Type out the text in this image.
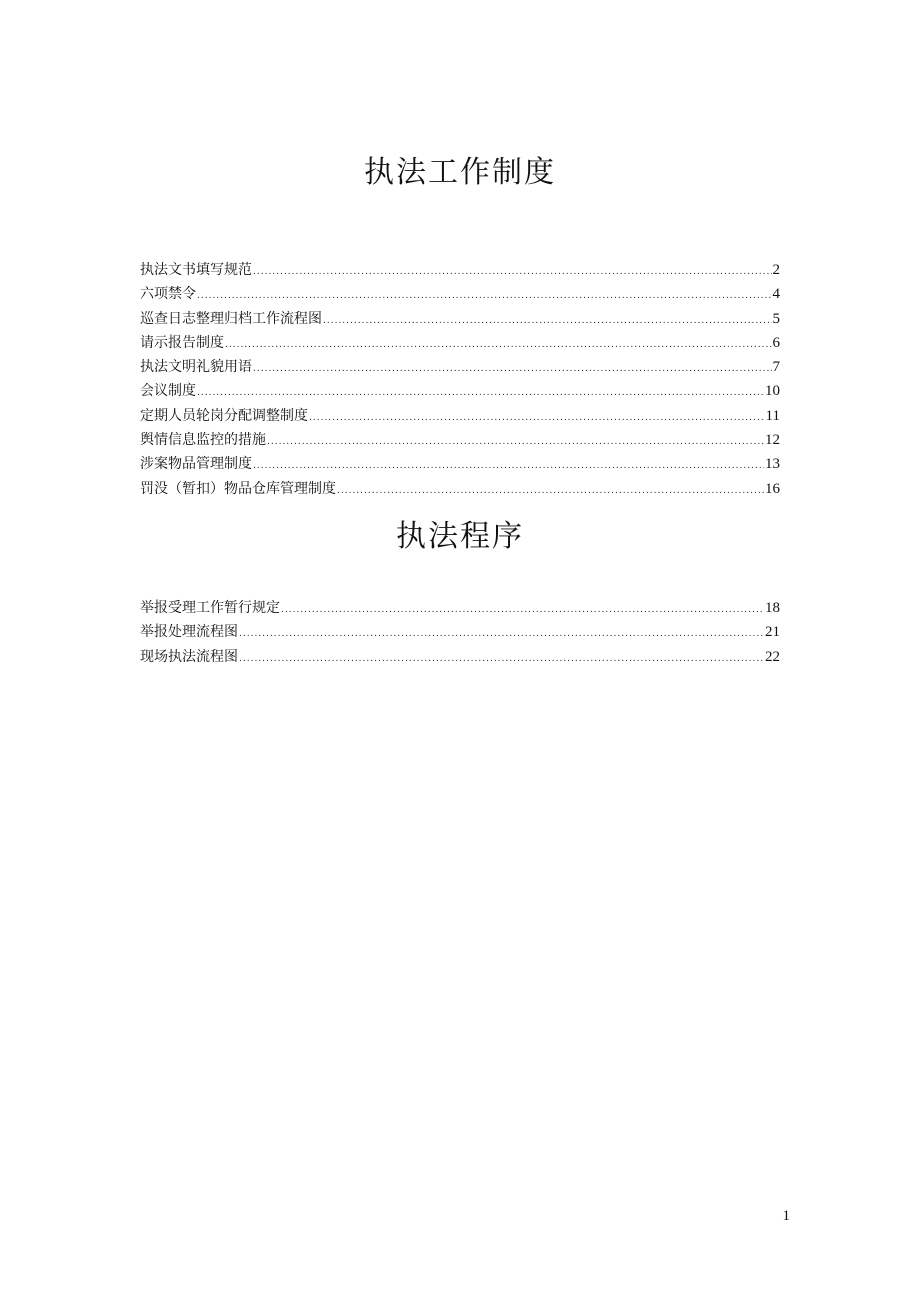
执法工作制度
执法文书填写规范 .....	2
六项禁令 .....	4
巡查日志整理归档工作流程图 .....	5
请示报告制度 .....	6
执法文明礼貌用语 .....	7
会议制度 .....	10
定期人员轮岗分配调整制度 .....	11
舆情信息监控的措施 .....	12
涉案物品管理制度 .....	13
罚没（暂扣）物品仓库管理制度 .....	16
执法程序
举报受理工作暂行规定 .....	18
举报处理流程图 .....	21
现场执法流程图 .....	22
1
